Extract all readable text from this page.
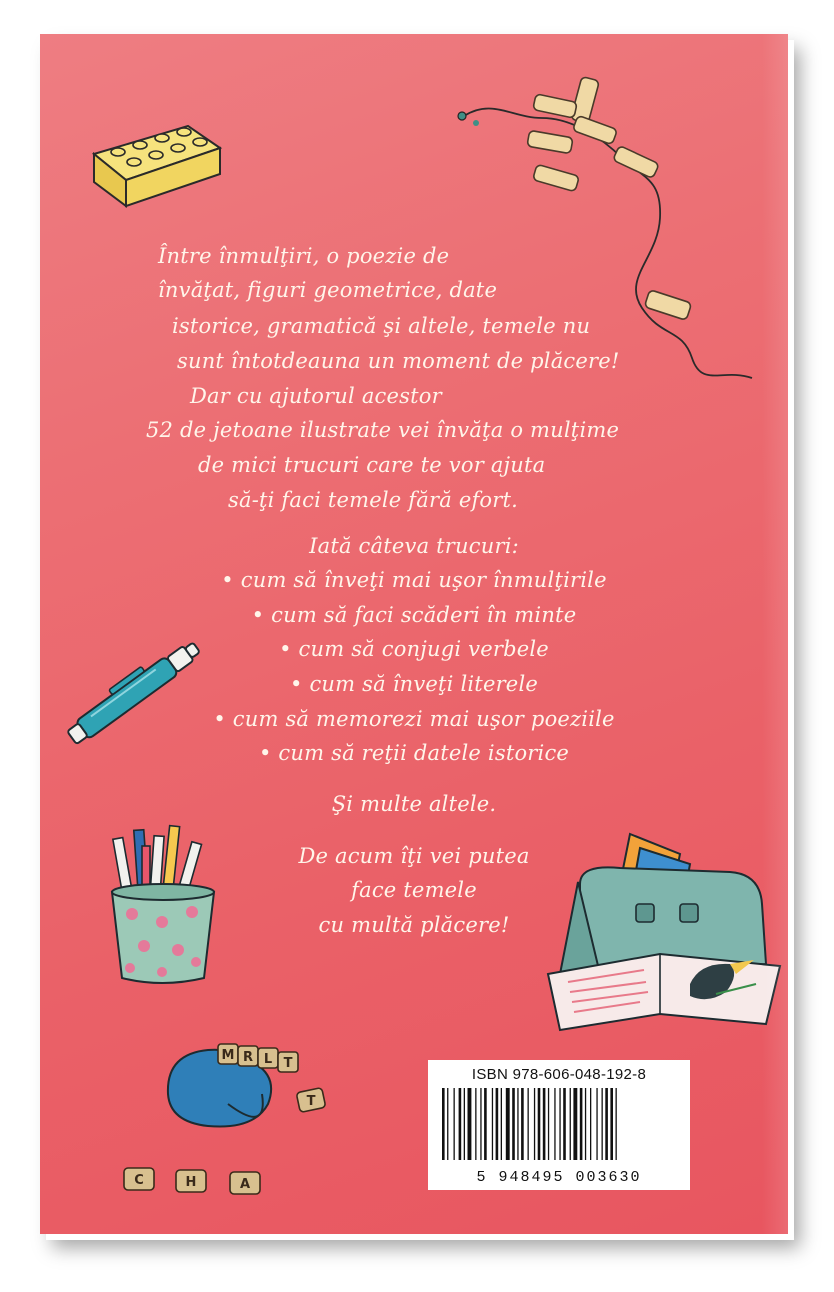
M R L T
T
C	H	A
Între înmulţiri, o poezie de
învăţat, figuri geometrice, date
istorice, gramatică şi altele, temele nu
sunt întotdeauna un moment de plăcere!
Dar cu ajutorul acestor
52 de jetoane ilustrate vei învăţa o mulţime
de mici trucuri care te vor ajuta
să-ţi faci temele fără efort.
Iată câteva trucuri:
• cum să înveţi mai uşor înmulţirile
• cum să faci scăderi în minte
• cum să conjugi verbele
• cum să înveţi literele
• cum să memorezi mai uşor poeziile
• cum să reţii datele istorice
Şi multe altele.
De acum îţi vei putea
face temele
cu multă plăcere!
ISBN 978-606-048-192-8
5 948495 003630
